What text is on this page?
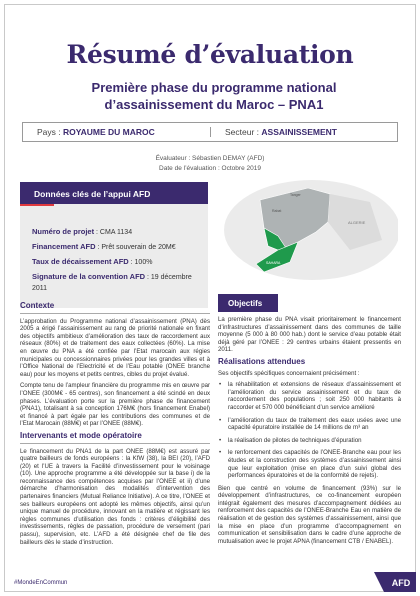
Résumé d’évaluation
Première phase du programme national d’assainissement du Maroc – PNA1
Pays : ROYAUME DU MAROC	Secteur : ASSAINISSEMENT
Évaluateur : Sébastien DEMAY (AFD)
Date de l’évaluation : Octobre 2019
Données clés de l’appui AFD
Numéro de projet : CMA 1134
Financement AFD : Prêt souverain de 20M€
Taux de décaissement AFD : 100%
Signature de la convention AFD : 19 décembre 2011
Tanger
Rabat
ALGERIE
SAHARA
Contexte

L’approbation du Programme national d’assainissement (PNA) dès 2005 a érigé l’assainissement au rang de priorité nationale en fixant des objectifs ambitieux d’amélioration des taux de raccordement aux réseaux (80%) et de traitement des eaux collectées (60%). La mise en œuvre du PNA a été confiée par l’Etat marocain aux régies municipales ou concessionnaires privées pour les grandes villes et à l’Office National de l’Electricité et de l’Eau potable (ONEE branche eau) pour les moyens et petits centres, cibles du projet évalué.

Compte tenu de l’ampleur financière du programme mis en œuvre par l’ONEE (300M€ - 65 centres), son financement a été scindé en deux phases. L’évaluation porte sur la première phase de financement (PNA1), totalisant à sa conception 176M€ (hors financement Enabel) et financé à part égale par les contributions des communes et de l’Etat Marocain (88M€) et par l’ONEE (88M€).

Intervenants et mode opératoire

Le financement du PNA1 de la part ONEE (88M€) est assuré par quatre bailleurs de fonds européens : la KfW (38), la BEI (20), l’AFD (20) et l’UE à travers la Facilité d’investissement pour le voisinage (10). Une approche programme a été développée sur la base i) de la reconnaissance des compétences acquises par l’ONEE et ii) d’une démarche d’harmonisation des modalités d’intervention des partenaires financiers (Mutual Reliance Initiative). A ce titre, l’ONEE et ses bailleurs européens ont adopté les mêmes objectifs, ainsi qu’un unique manuel de procédure, innovant en la matière et régissant les règles communes d’utilisation des fonds : critères d’éligibilité des investissements, règles de passation, procédure de versement (pari passu), supervision, etc. L’AFD a été désignée chef de file des bailleurs dès le stade d’instruction.

Objectifs

La première phase du PNA visait prioritairement le financement d’infrastructures d’assainissement dans des communes de taille moyenne (5 000 à 80 000 hab.) dont le service d’eau potable était déjà géré par l’ONEE : 29 centres urbains étaient pressentis en 2011.

Réalisations attendues

Ses objectifs spécifiques concernaient précisément :

• la réhabilitation et extensions de réseaux d’assainissement et l’amélioration du service assainissement et du taux de raccordement des populations ; soit 250 000 habitants à raccorder et 570 000 bénéficiant d’un service amélioré
• l’amélioration du taux de traitement des eaux usées avec une capacité épuratoire installée de 14 millions de m³ an
• la réalisation de pilotes de techniques d’épuration
• le renforcement des capacités de l’ONEE-Branche eau pour les études et la construction des systèmes d’assainissement ainsi que leur exploitation (mise en place d’un suivi global des performances épuratoires et de la conformité de rejets).

Bien que centré en volume de financement (93%) sur le développement d’infrastructures, ce co-financement européen intégrait également des mesures d’accompagnement dédiées au renforcement des capacités de l’ONEE-Branche Eau en matière de réalisation et de gestion des systèmes d’assainissement, ainsi que la mise en place d’un programme d’accompagnement en communication et sensibilisation dans le cadre d’une approche de mutualisation avec le projet APNA (financement CTB / ENABEL).

#MondeEnCommun	AFD
